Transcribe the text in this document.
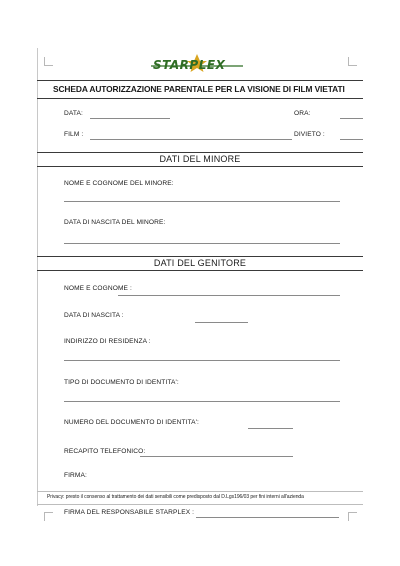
STARPLEX
SCHEDA AUTORIZZAZIONE PARENTALE PER LA VISIONE DI FILM VIETATI
DATA:	ORA:
FILM :	DIVIETO :
DATI DEL MINORE
NOME E COGNOME DEL MINORE:
DATA DI NASCITA DEL MINORE:
DATI DEL GENITORE
NOME E COGNOME :
DATA DI NASCITA :
INDIRIZZO DI RESIDENZA :
TIPO DI DOCUMENTO DI IDENTITA':
NUMERO DEL DOCUMENTO DI IDENTITA':
RECAPITO TELEFONICO:
FIRMA:
Privacy: presto il consenso al trattamento dei dati sensibili come predisposto dal D.Lgs196/03 per fini interni all'azienda
FIRMA DEL RESPONSABILE STARPLEX :
